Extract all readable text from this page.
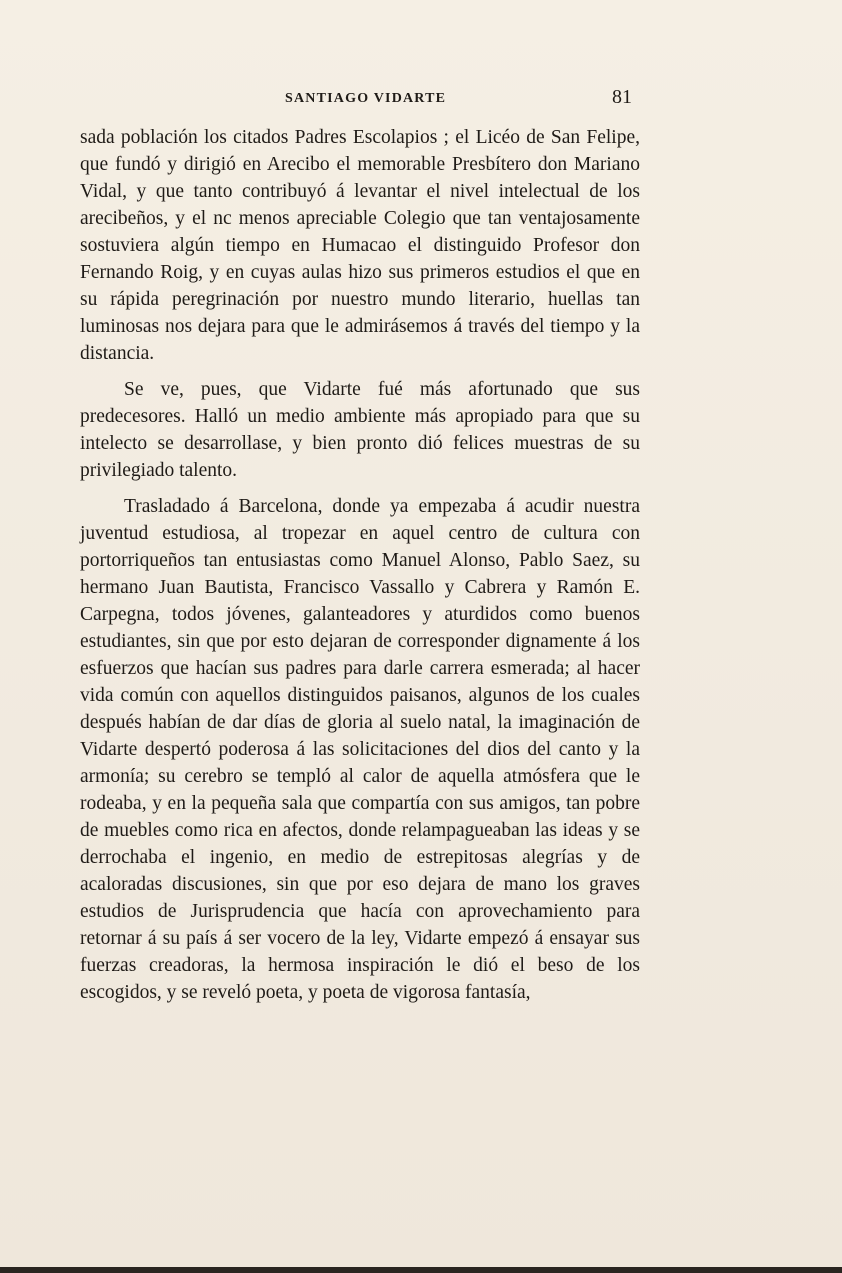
SANTIAGO VIDARTE	81

sada población los citados Padres Escolapios ; el Licéo de San Felipe, que fundó y dirigió en Arecibo el memorable Presbítero don Mariano Vidal, y que tanto contribuyó á levantar el nivel intelectual de los arecibeños, y el nc menos apreciable Colegio que tan ventajosamente sostuviera algún tiempo en Humacao el distinguido Profesor don Fernando Roig, y en cuyas aulas hizo sus primeros estudios el que en su rápida peregrinación por nuestro mundo literario, huellas tan luminosas nos dejara para que le admirásemos á través del tiempo y la distancia.

Se ve, pues, que Vidarte fué más afortunado que sus predecesores. Halló un medio ambiente más apropiado para que su intelecto se desarrollase, y bien pronto dió felices muestras de su privilegiado talento.

Trasladado á Barcelona, donde ya empezaba á acudir nuestra juventud estudiosa, al tropezar en aquel centro de cultura con portorriqueños tan entusiastas como Manuel Alonso, Pablo Saez, su hermano Juan Bautista, Francisco Vassallo y Cabrera y Ramón E. Carpegna, todos jóvenes, galanteadores y aturdidos como buenos estudiantes, sin que por esto dejaran de corresponder dignamente á los esfuerzos que hacían sus padres para darle carrera esmerada; al hacer vida común con aquellos distinguidos paisanos, algunos de los cuales después habían de dar días de gloria al suelo natal, la imaginación de Vidarte despertó poderosa á las solicitaciones del dios del canto y la armonía; su cerebro se templó al calor de aquella atmósfera que le rodeaba, y en la pequeña sala que compartía con sus amigos, tan pobre de muebles como rica en afectos, donde relampagueaban las ideas y se derrochaba el ingenio, en medio de estrepitosas alegrías y de acaloradas discusiones, sin que por eso dejara de mano los graves estudios de Jurisprudencia que hacía con aprovechamiento para retornar á su país á ser vocero de la ley, Vidarte empezó á ensayar sus fuerzas creadoras, la hermosa inspiración le dió el beso de los escogidos, y se reveló poeta, y poeta de vigorosa fantasía,
